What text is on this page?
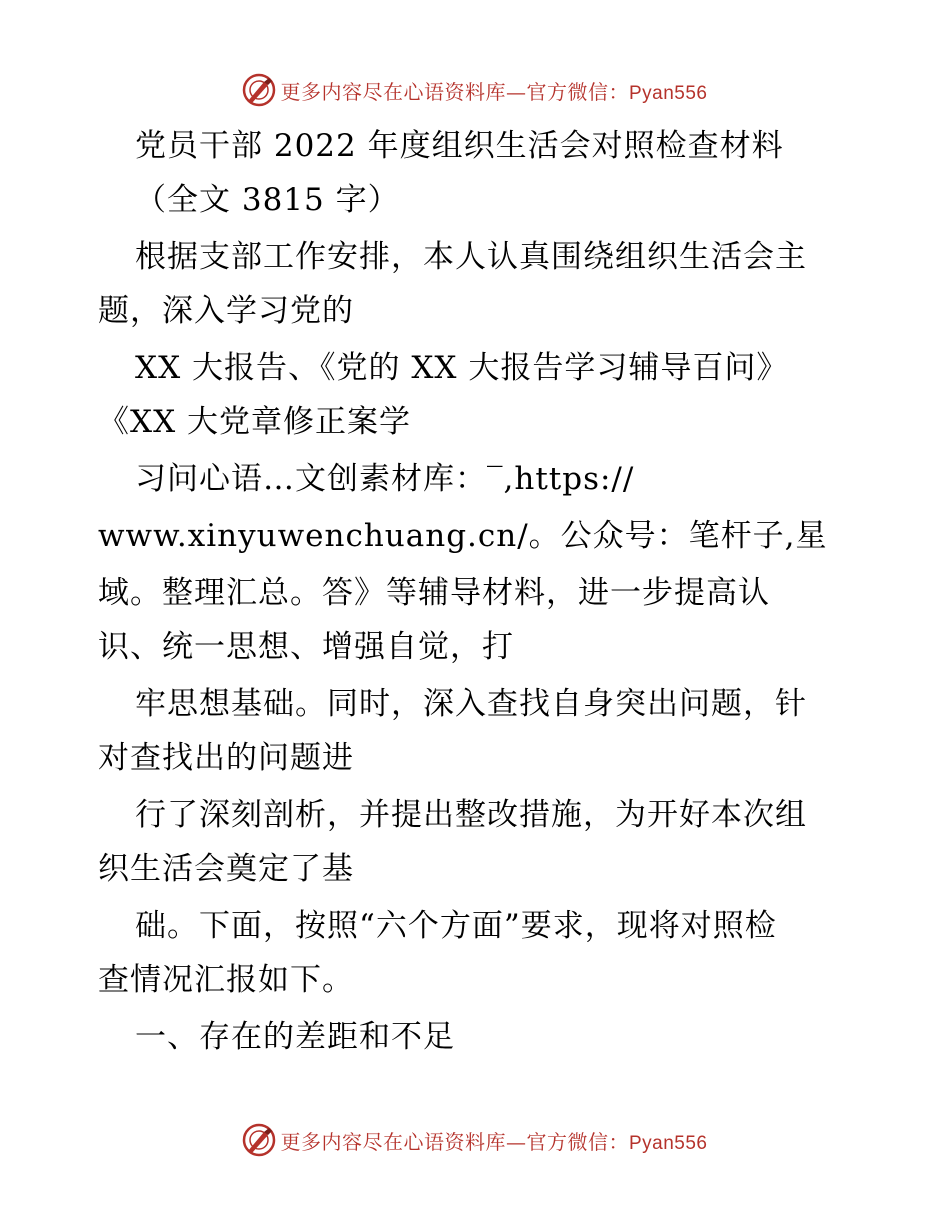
更多内容尽在心语资料库—官方微信：Pyan556
党员干部 2022 年度组织生活会对照检查材料
（全文 3815 字）
根据支部工作安排，本人认真围绕组织生活会主
题，深入学习党的
XX 大报告、《党的 XX 大报告学习辅导百问》
《XX 大党章修正案学
习问心语…文创素材库：‾,https://
www.xinyuwenchuang.cn/。公众号：笔杆子,星
域。整理汇总。答》等辅导材料，进一步提高认
识、统一思想、增强自觉，打
牢思想基础。同时，深入查找自身突出问题，针
对查找出的问题进
行了深刻剖析，并提出整改措施，为开好本次组
织生活会奠定了基
础。下面，按照“六个方面”要求，现将对照检
查情况汇报如下。
一、存在的差距和不足
更多内容尽在心语资料库—官方微信：Pyan556
